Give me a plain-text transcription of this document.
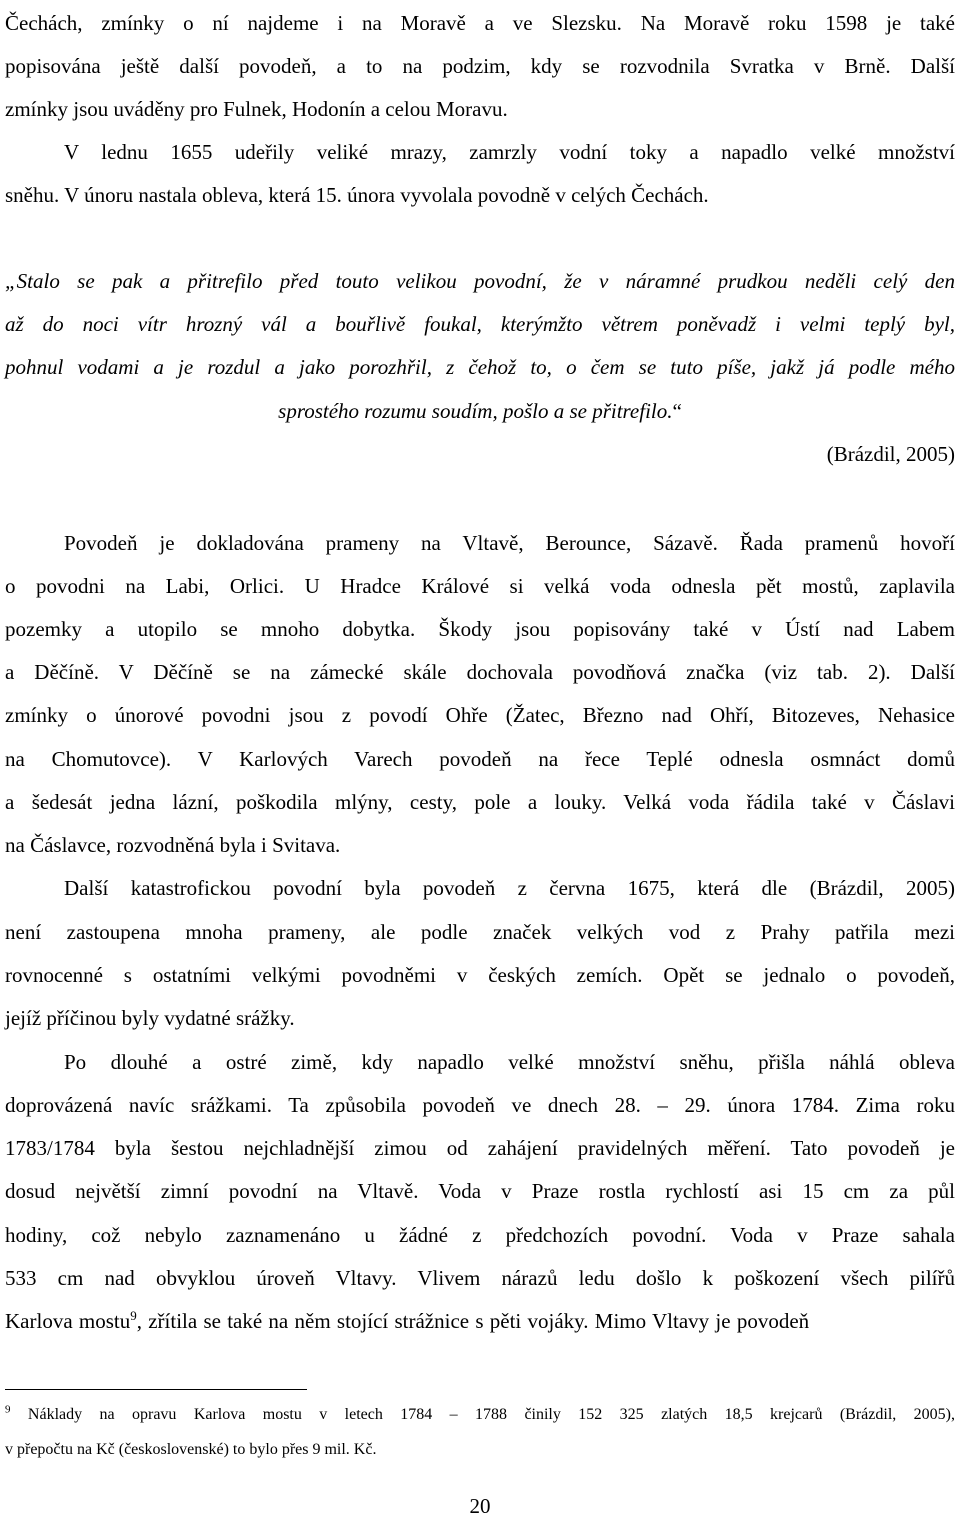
Čechách, zmínky o ní najdeme i na Moravě a ve Slezsku. Na Moravě roku 1598 je také
popisována ještě další povodeň, a to na podzim, kdy se rozvodnila Svratka v Brně. Další
zmínky jsou uváděny pro Fulnek, Hodonín a celou Moravu.
V lednu 1655 udeřily veliké mrazy, zamrzly vodní toky a napadlo velké množství
sněhu. V únoru nastala obleva, která 15. února vyvolala povodně v celých Čechách.
„Stalo se pak a přitrefilo před touto velikou povodní, že v náramné prudkou neděli celý den
až do noci vítr hrozný vál a bouřlivě foukal, kterýmžto větrem poněvadž i velmi teplý byl,
pohnul vodami a je rozdul a jako porozhřil, z čehož to, o čem se tuto píše, jakž já podle mého
sprostého rozumu soudím, pošlo a se přitrefilo.“
(Brázdil, 2005)
Povodeň je dokladována prameny na Vltavě, Berounce, Sázavě. Řada pramenů hovoří
o povodni na Labi, Orlici. U Hradce Králové si velká voda odnesla pět mostů, zaplavila
pozemky a utopilo se mnoho dobytka. Škody jsou popisovány také v Ústí nad Labem
a Děčíně. V Děčíně se na zámecké skále dochovala povodňová značka (viz tab. 2). Další
zmínky o únorové povodni jsou z povodí Ohře (Žatec, Březno nad Ohří, Bitozeves, Nehasice
na Chomutovce). V Karlových Varech povodeň na řece Teplé odnesla osmnáct domů
a šedesát jedna lázní, poškodila mlýny, cesty, pole a louky. Velká voda řádila také v Čáslavi
na Čáslavce, rozvodněná byla i Svitava.
Další katastrofickou povodní byla povodeň z června 1675, která dle (Brázdil, 2005)
není zastoupena mnoha prameny, ale podle značek velkých vod z Prahy patřila mezi
rovnocenné s ostatními velkými povodněmi v českých zemích. Opět se jednalo o povodeň,
jejíž příčinou byly vydatné srážky.
Po dlouhé a ostré zimě, kdy napadlo velké množství sněhu, přišla náhlá obleva
doprovázená navíc srážkami. Ta způsobila povodeň ve dnech 28. – 29. února 1784. Zima roku
1783/1784 byla šestou nejchladnější zimou od zahájení pravidelných měření. Tato povodeň je
dosud největší zimní povodní na Vltavě. Voda v Praze rostla rychlostí asi 15 cm za půl
hodiny, což nebylo zaznamenáno u žádné z předchozích povodní. Voda v Praze sahala
533 cm nad obvyklou úroveň Vltavy. Vlivem nárazů ledu došlo k poškození všech pilířů
Karlova mostu$^9$, zřítila se také na něm stojící strážnice s pěti vojáky. Mimo Vltavy je povodeň
$^9$ Náklady na opravu Karlova mostu v letech 1784 – 1788 činily 152 325 zlatých 18,5 krejcarů (Brázdil, 2005),
v přepočtu na Kč (československé) to bylo přes 9 mil. Kč.
20
